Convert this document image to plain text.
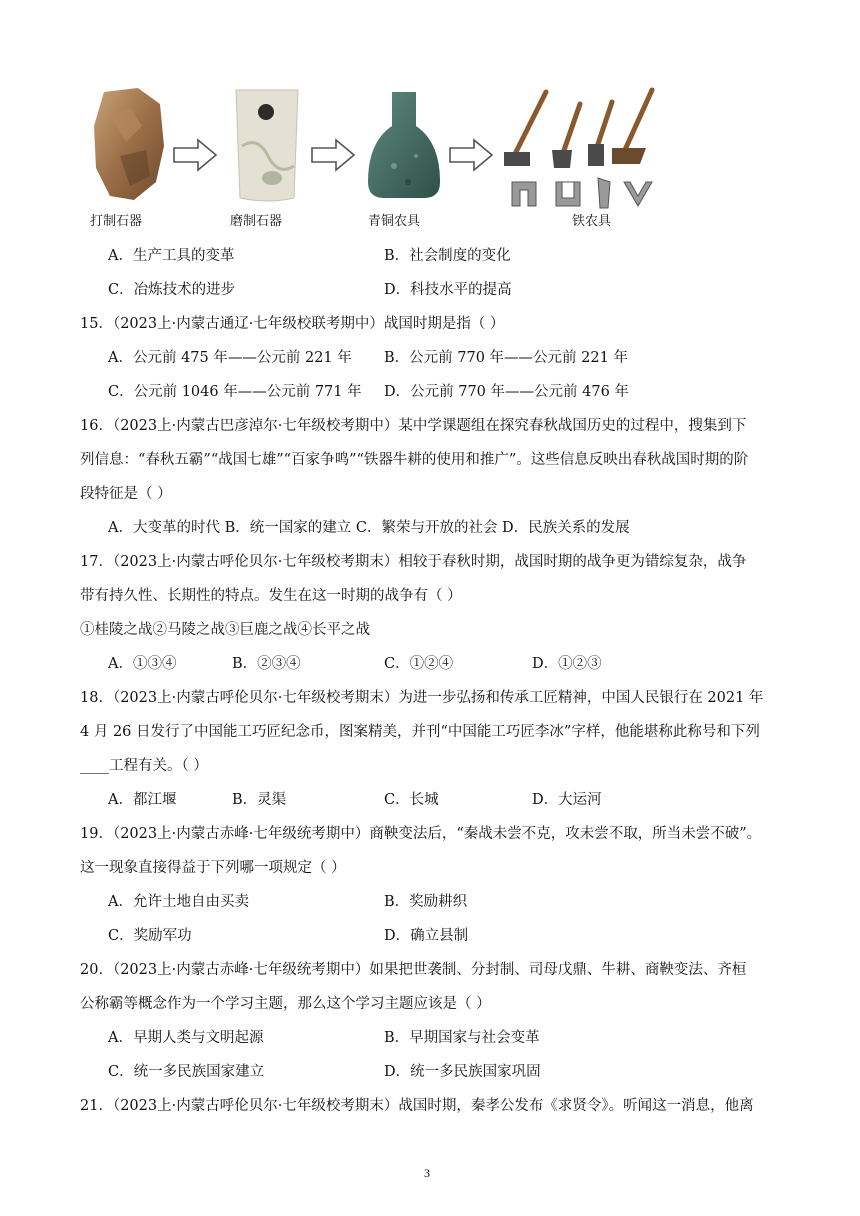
打制石器	磨制石器	青铜农具	铁农具
A．生产工具的变革	B．社会制度的变化
C．冶炼技术的进步	D．科技水平的提高
15．（2023上·内蒙古通辽·七年级校联考期中）战国时期是指（ ）
A．公元前 475 年——公元前 221 年 B．公元前 770 年——公元前 221 年
C．公元前 1046 年——公元前 771 年 D．公元前 770 年——公元前 476 年
16．（2023上·内蒙古巴彦淖尔·七年级校考期中）某中学课题组在探究春秋战国历史的过程中，搜集到下
列信息：“春秋五霸”“战国七雄”“百家争鸣”“铁器牛耕的使用和推广”。这些信息反映出春秋战国时期的阶
段特征是（ ）
A．大变革的时代 B．统一国家的建立 C．繁荣与开放的社会 D．民族关系的发展
17．（2023上·内蒙古呼伦贝尔·七年级校考期末）相较于春秋时期，战国时期的战争更为错综复杂，战争
带有持久性、长期性的特点。发生在这一时期的战争有（ ）
①桂陵之战②马陵之战③巨鹿之战④长平之战
A．①③④	B．②③④	C．①②④	D．①②③
18．（2023上·内蒙古呼伦贝尔·七年级校考期末）为进一步弘扬和传承工匠精神，中国人民银行在 2021 年
4 月 26 日发行了中国能工巧匠纪念币，图案精美，并刊“中国能工巧匠李冰”字样，他能堪称此称号和下列
____工程有关。（ ）
A．都江堰	B．灵渠	C．长城	D．大运河
19．（2023上·内蒙古赤峰·七年级统考期中）商鞅变法后，“秦战未尝不克，攻未尝不取，所当未尝不破”。
这一现象直接得益于下列哪一项规定（ ）
A．允许土地自由买卖	B．奖励耕织
C．奖励军功	D．确立县制
20．（2023上·内蒙古赤峰·七年级统考期中）如果把世袭制、分封制、司母戊鼎、牛耕、商鞅变法、齐桓
公称霸等概念作为一个学习主题，那么这个学习主题应该是（ ）
A．早期人类与文明起源	B．早期国家与社会变革
C．统一多民族国家建立	D．统一多民族国家巩固
21．（2023上·内蒙古呼伦贝尔·七年级校考期末）战国时期，秦孝公发布《求贤令》。听闻这一消息，他离
3
